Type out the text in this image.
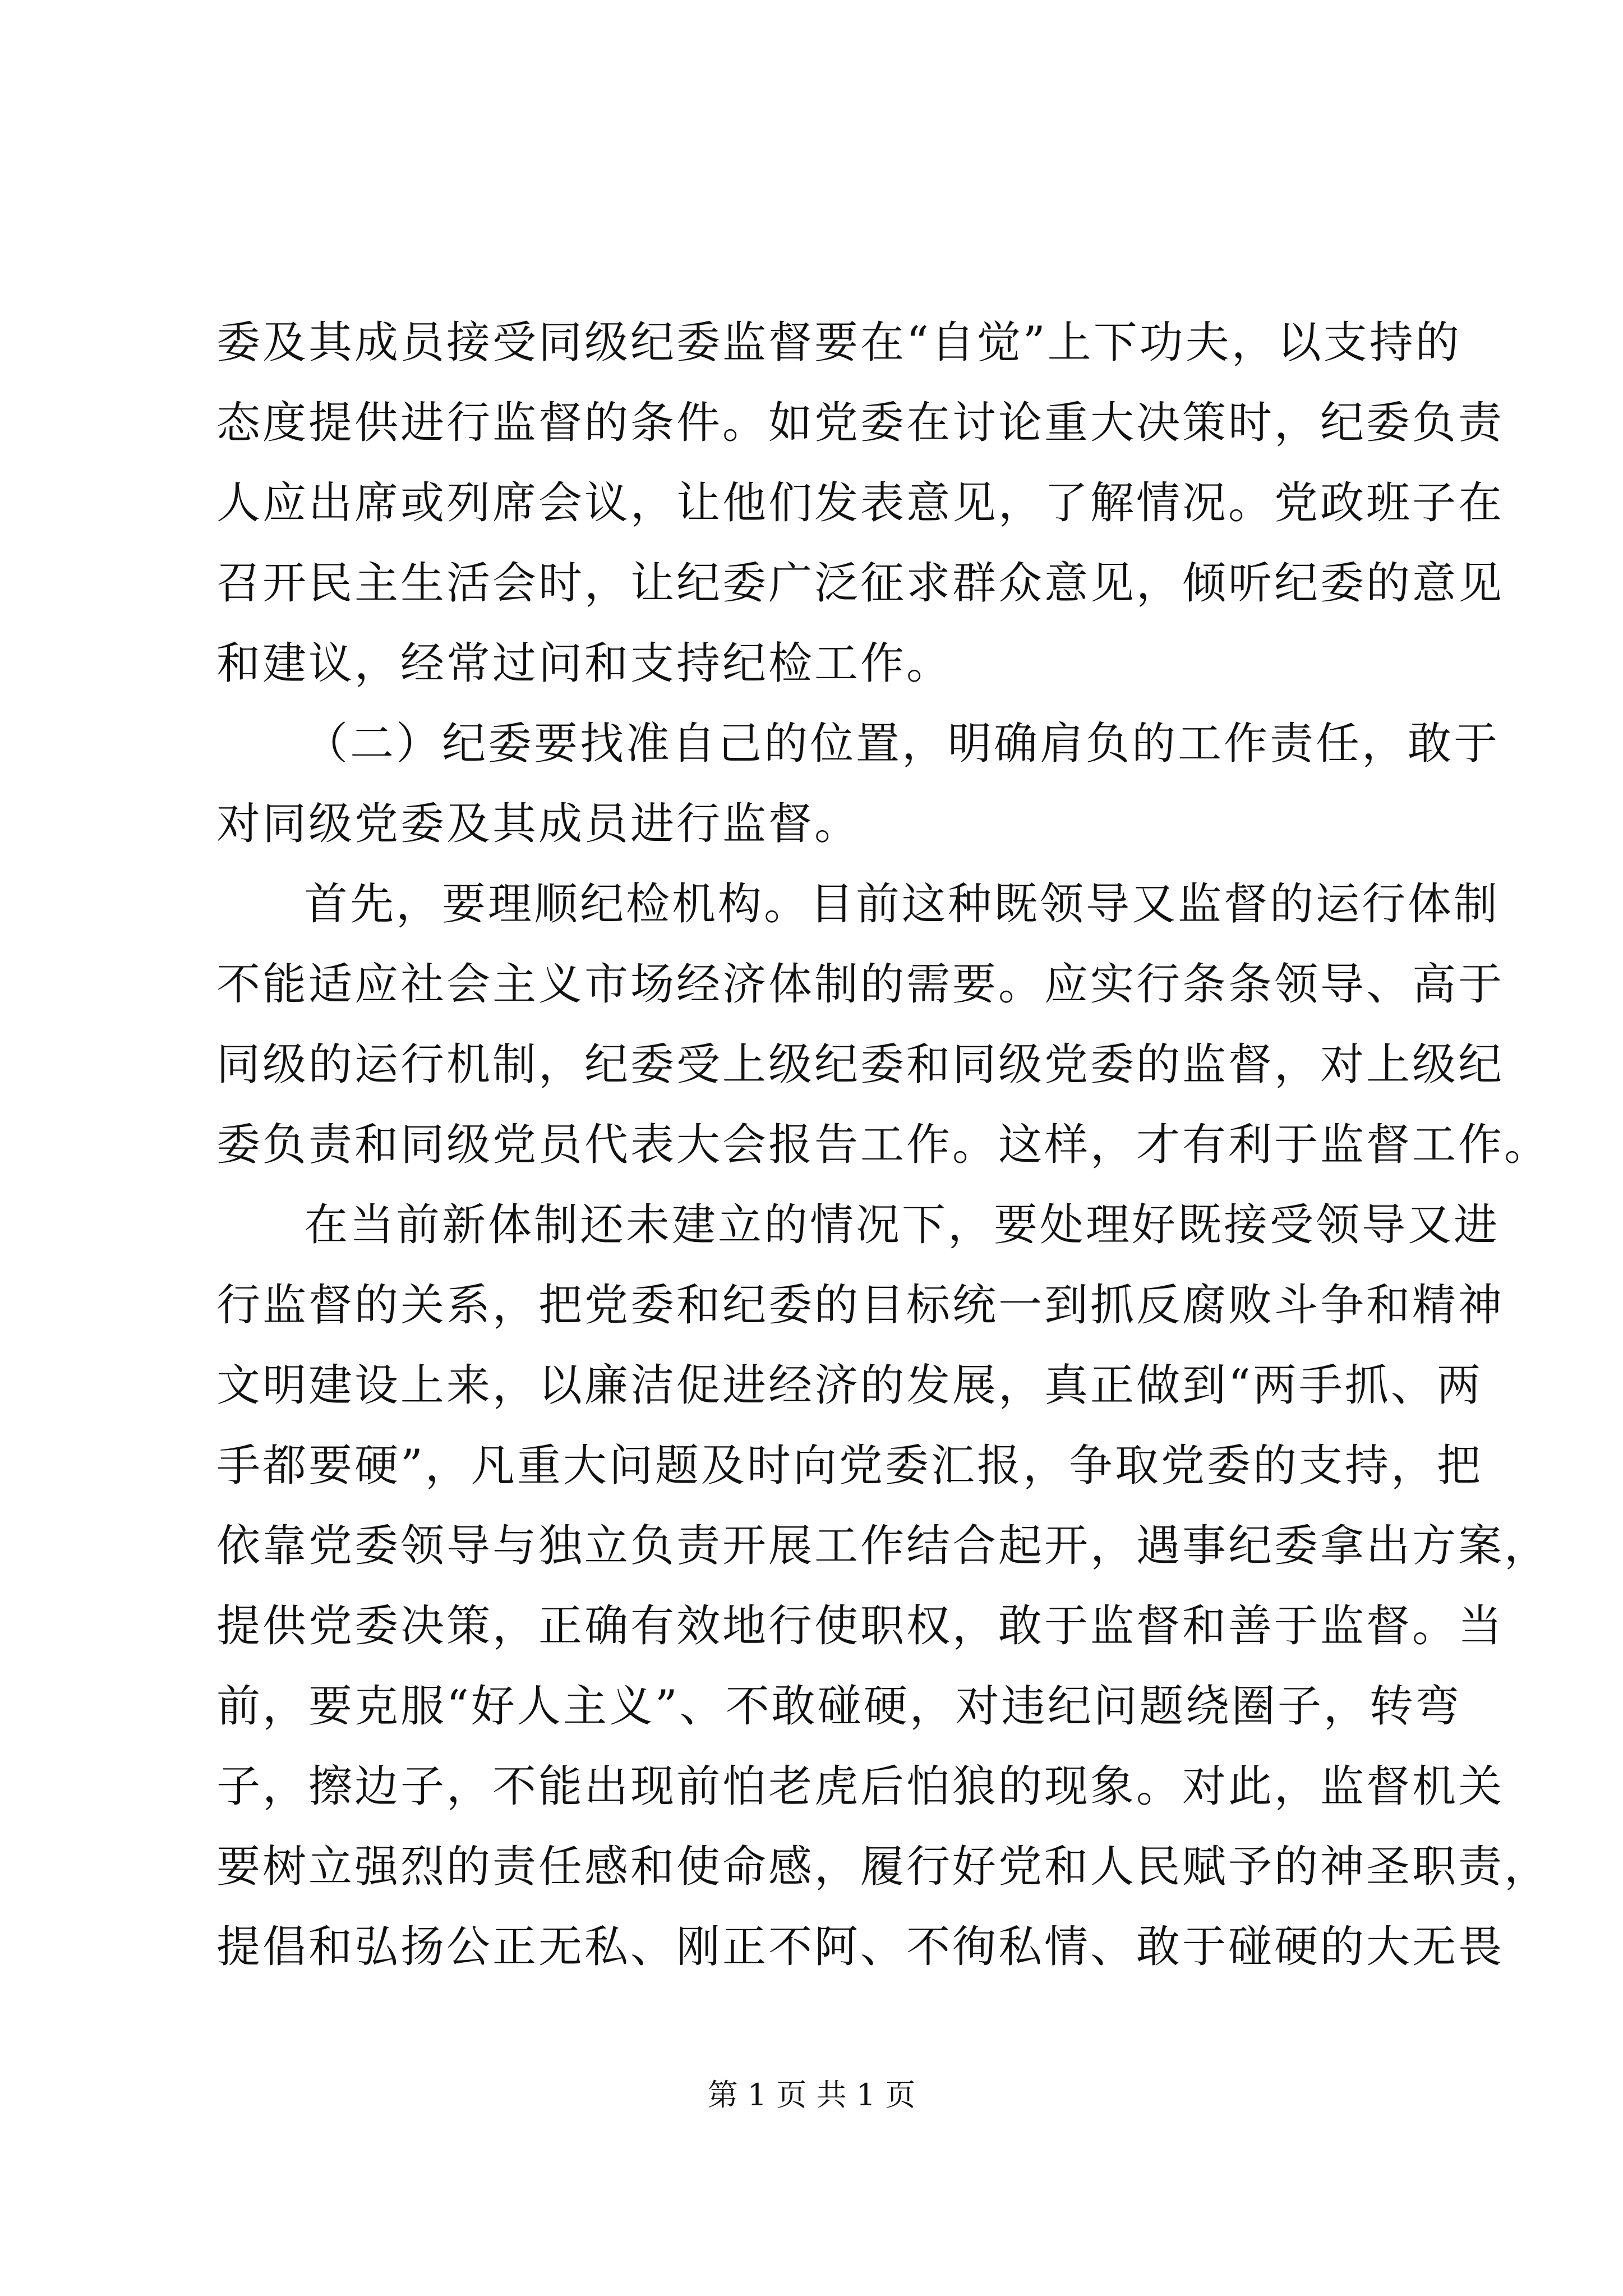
委及其成员接受同级纪委监督要在“自觉”上下功夫，以支持的
态度提供进行监督的条件。如党委在讨论重大决策时，纪委负责
人应出席或列席会议，让他们发表意见，了解情况。党政班子在
召开民主生活会时，让纪委广泛征求群众意见，倾听纪委的意见
和建议，经常过问和支持纪检工作。
（二）纪委要找准自己的位置，明确肩负的工作责任，敢于
对同级党委及其成员进行监督。
首先，要理顺纪检机构。目前这种既领导又监督的运行体制
不能适应社会主义市场经济体制的需要。应实行条条领导、高于
同级的运行机制，纪委受上级纪委和同级党委的监督，对上级纪
委负责和同级党员代表大会报告工作。这样，才有利于监督工作。
在当前新体制还未建立的情况下，要处理好既接受领导又进
行监督的关系，把党委和纪委的目标统一到抓反腐败斗争和精神
文明建设上来，以廉洁促进经济的发展，真正做到“两手抓、两
手都要硬”，凡重大问题及时向党委汇报，争取党委的支持，把
依靠党委领导与独立负责开展工作结合起开，遇事纪委拿出方案，
提供党委决策，正确有效地行使职权，敢于监督和善于监督。当
前，要克服“好人主义”、不敢碰硬，对违纪问题绕圈子，转弯
子，擦边子，不能出现前怕老虎后怕狼的现象。对此，监督机关
要树立强烈的责任感和使命感，履行好党和人民赋予的神圣职责，
提倡和弘扬公正无私、刚正不阿、不徇私情、敢于碰硬的大无畏
第 1 页 共 1 页
